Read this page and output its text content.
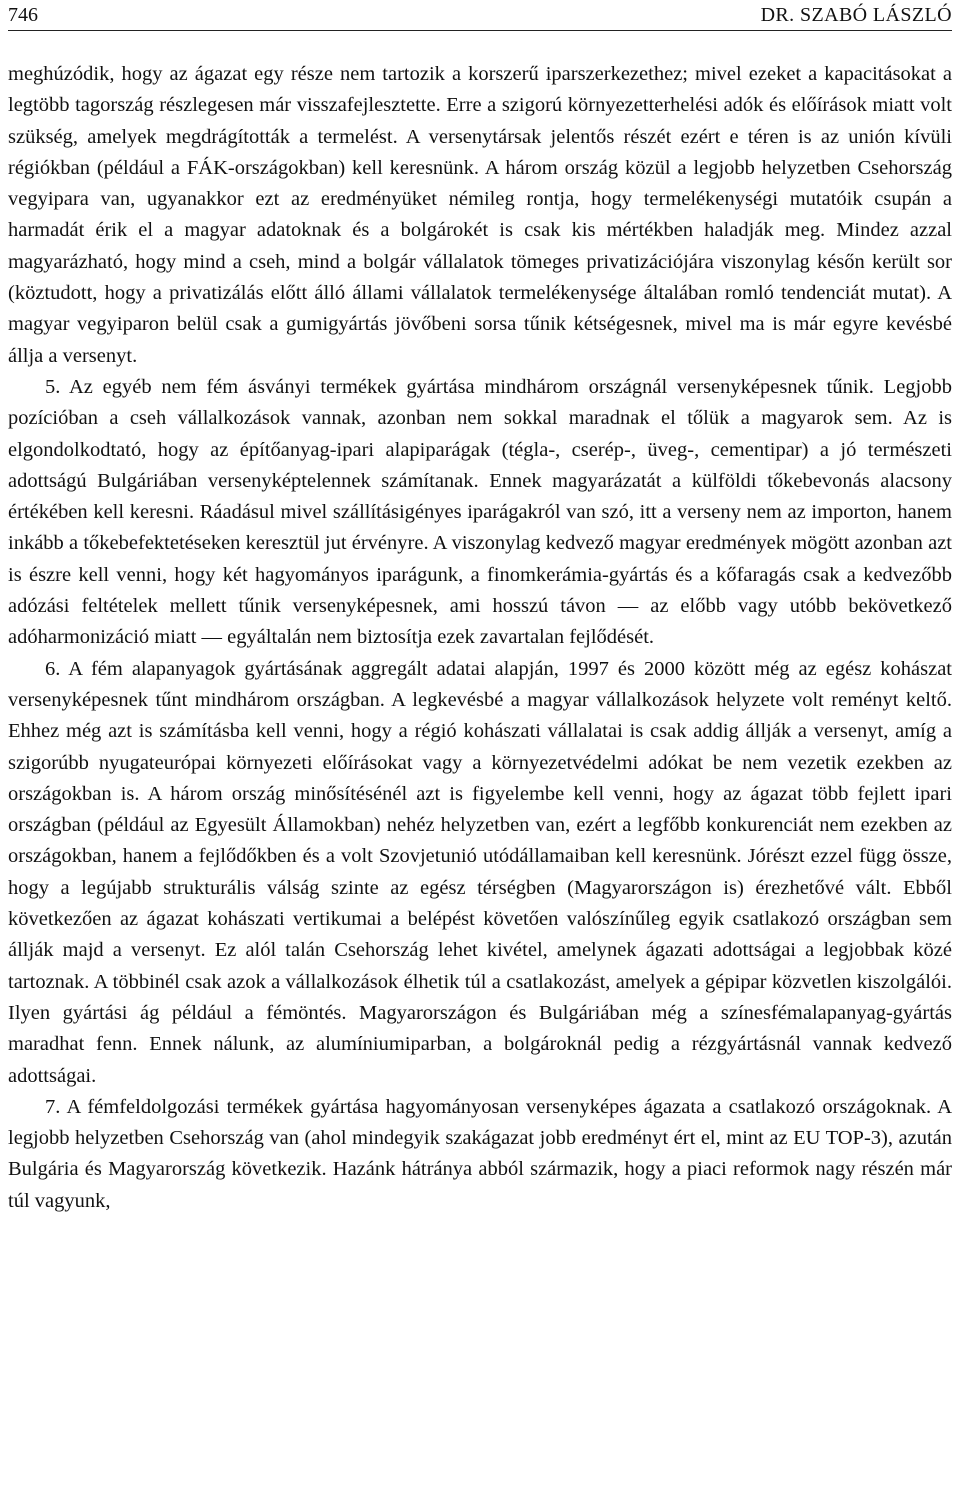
746	DR. SZABÓ LÁSZLÓ

meghúzódik, hogy az ágazat egy része nem tartozik a korszerű iparszerkezethez; mivel ezeket a kapacitásokat a legtöbb tagország részlegesen már visszafejlesztette. Erre a szigorú környezetterhelési adók és előírások miatt volt szükség, amelyek megdrágították a termelést. A versenytársak jelentős részét ezért e téren is az unión kívüli régiókban (például a FÁK-országokban) kell keresnünk. A három ország közül a legjobb helyzetben Csehország vegyipara van, ugyanakkor ezt az eredményüket némileg rontja, hogy termelékenységi mutatóik csupán a harmadát érik el a magyar adatoknak és a bolgárokét is csak kis mértékben haladják meg. Mindez azzal magyarázható, hogy mind a cseh, mind a bolgár vállalatok tömeges privatizációjára viszonylag későn került sor (köztudott, hogy a privatizálás előtt álló állami vállalatok termelékenysége általában romló tendenciát mutat). A magyar vegyiparon belül csak a gumigyártás jövőbeni sorsa tűnik kétségesnek, mivel ma is már egyre kevésbé állja a versenyt.

5. Az egyéb nem fém ásványi termékek gyártása mindhárom országnál versenyképesnek tűnik. Legjobb pozícióban a cseh vállalkozások vannak, azonban nem sokkal maradnak el tőlük a magyarok sem. Az is elgondolkodtató, hogy az építőanyag-ipari alapiparágak (tégla-, cserép-, üveg-, cementipar) a jó természeti adottságú Bulgáriában versenyképtelennek számítanak. Ennek magyarázatát a külföldi tőkebevonás alacsony értékében kell keresni. Ráadásul mivel szállításigényes iparágakról van szó, itt a verseny nem az importon, hanem inkább a tőkebefektetéseken keresztül jut érvényre. A viszonylag kedvező magyar eredmények mögött azonban azt is észre kell venni, hogy két hagyományos iparágunk, a finomkerámia-gyártás és a kőfaragás csak a kedvezőbb adózási feltételek mellett tűnik versenyképesnek, ami hosszú távon — az előbb vagy utóbb bekövetkező adóharmonizáció miatt — egyáltalán nem biztosítja ezek zavartalan fejlődését.

6. A fém alapanyagok gyártásának aggregált adatai alapján, 1997 és 2000 között még az egész kohászat versenyképesnek tűnt mindhárom országban. A legkevésbé a magyar vállalkozások helyzete volt reményt keltő. Ehhez még azt is számításba kell venni, hogy a régió kohászati vállalatai is csak addig állják a versenyt, amíg a szigorúbb nyugateurópai környezeti előírásokat vagy a környezetvédelmi adókat be nem vezetik ezekben az országokban is. A három ország minősítésénél azt is figyelembe kell venni, hogy az ágazat több fejlett ipari országban (például az Egyesült Államokban) nehéz helyzetben van, ezért a legfőbb konkurenciát nem ezekben az országokban, hanem a fejlődőkben és a volt Szovjetunió utódállamaiban kell keresnünk. Jórészt ezzel függ össze, hogy a legújabb strukturális válság szinte az egész térségben (Magyarországon is) érezhetővé vált. Ebből következően az ágazat kohászati vertikumai a belépést követően valószínűleg egyik csatlakozó országban sem állják majd a versenyt. Ez alól talán Csehország lehet kivétel, amelynek ágazati adottságai a legjobbak közé tartoznak. A többinél csak azok a vállalkozások élhetik túl a csatlakozást, amelyek a gépipar közvetlen kiszolgálói. Ilyen gyártási ág például a fémöntés. Magyarországon és Bulgáriában még a színesfémalapanyag-gyártás maradhat fenn. Ennek nálunk, az alumíniumiparban, a bolgároknál pedig a rézgyártásnál vannak kedvező adottságai.

7. A fémfeldolgozási termékek gyártása hagyományosan versenyképes ágazata a csatlakozó országoknak. A legjobb helyzetben Csehország van (ahol mindegyik szakágazat jobb eredményt ért el, mint az EU TOP-3), azután Bulgária és Magyarország következik. Hazánk hátránya abból származik, hogy a piaci reformok nagy részén már túl vagyunk,
